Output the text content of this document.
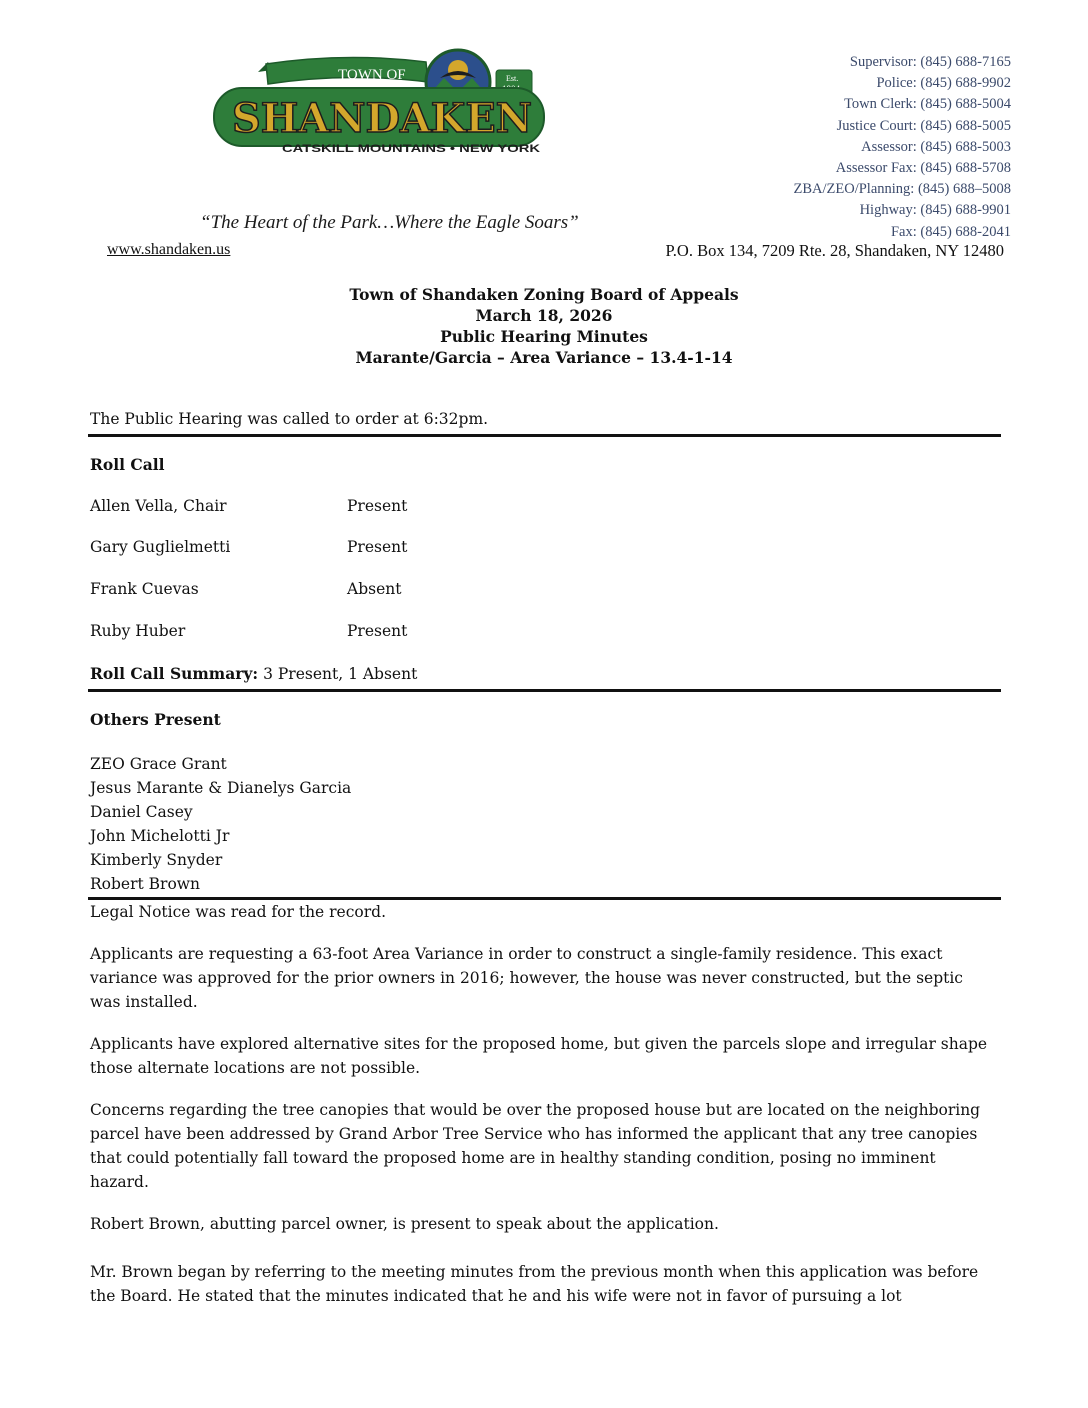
TOWN OF	Est.
SHANDAKEN
CATSKILL MOUNTAINS • NEW YORK
Supervisor: (845) 688-7165
Police: (845) 688-9902
Town Clerk: (845) 688-5004
Justice Court: (845) 688-5005
Assessor: (845) 688-5003
Assessor Fax: (845) 688-5708
ZBA/ZEO/Planning: (845) 688–5008
Highway: (845) 688-9901
Fax: (845) 688-2041
“The Heart of the Park…Where the Eagle Soars”
www.shandaken.us	P.O. Box 134, 7209 Rte. 28, Shandaken, NY 12480
Town of Shandaken Zoning Board of Appeals
March 18, 2026
Public Hearing Minutes
Marante/Garcia – Area Variance – 13.4-1-14
The Public Hearing was called to order at 6:32pm.
Roll Call
Allen Vella, Chair	Present
Gary Guglielmetti	Present
Frank Cuevas	Absent
Ruby Huber	Present
Roll Call Summary: 3 Present, 1 Absent
Others Present
ZEO Grace Grant
Jesus Marante & Dianelys Garcia
Daniel Casey
John Michelotti Jr
Kimberly Snyder
Robert Brown
Legal Notice was read for the record.
Applicants are requesting a 63-foot Area Variance in order to construct a single-family residence. This exact variance was approved for the prior owners in 2016; however, the house was never constructed, but the septic was installed.
Applicants have explored alternative sites for the proposed home, but given the parcels slope and irregular shape those alternate locations are not possible.
Concerns regarding the tree canopies that would be over the proposed house but are located on the neighboring parcel have been addressed by Grand Arbor Tree Service who has informed the applicant that any tree canopies that could potentially fall toward the proposed home are in healthy standing condition, posing no imminent hazard.
Robert Brown, abutting parcel owner, is present to speak about the application.
Mr. Brown began by referring to the meeting minutes from the previous month when this application was before the Board. He stated that the minutes indicated that he and his wife were not in favor of pursuing a lot
